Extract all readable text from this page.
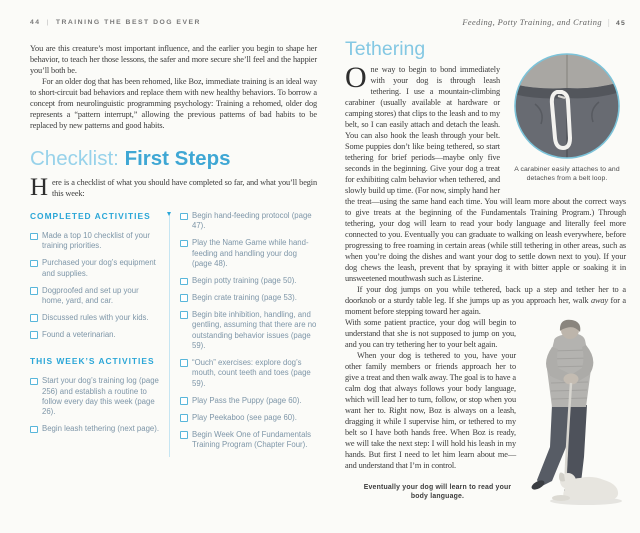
44 | TRAINING THE BEST DOG EVER

You are this creature’s most important influence, and the earlier you begin to shape her behavior, to teach her those lessons, the safer and more secure she’ll feel and the happier you’ll both be.

For an older dog that has been rehomed, like Boz, immediate training is an ideal way to short-circuit bad behaviors and replace them with new healthy behaviors. To borrow a concept from neurolinguistic programming psychology: Training a rehomed, older dog represents a “pattern interrupt,” allowing the previous patterns of bad habits to be replaced by new patterns and good habits.

Checklist: First Steps

Here is a checklist of what you should have completed so far, and what you’ll begin this week:

COMPLETED ACTIVITIES
Made a top 10 checklist of your training priorities.
Purchased your dog’s equipment and supplies.
Dogproofed and set up your home, yard, and car.
Discussed rules with your kids.
Found a veterinarian.
THIS WEEK’S ACTIVITIES
Start your dog’s training log (page 256) and establish a routine to follow every day this week (page 26).
Begin leash tethering (next page).
Begin hand-feeding protocol (page 47).
Play the Name Game while hand-feeding and handling your dog (page 48).
Begin potty training (page 50).
Begin crate training (page 53).
Begin bite inhibition, handling, and gentling, assuming that there are no outstanding behavior issues (page 59).
“Ouch” exercises: explore dog’s mouth, count teeth and toes (page 59).
Play Pass the Puppy (page 60).
Play Peekaboo (see page 60).
Begin Week One of Fundamentals Training Program (Chapter Four).
Feeding, Potty Training, and Crating | 45
Tethering
A carabiner easily attaches to and detaches from a belt loop.

One way to begin to bond immediately with your dog is through leash tethering. I use a mountain-climbing carabiner (usually available at hardware or camping stores) that clips to the leash and to my belt, so I can easily attach and detach the leash. You can also hook the leash through your belt. Some puppies don’t like being tethered, so start tethering for brief periods—maybe only five seconds in the beginning. Give your dog a treat for exhibiting calm behavior when tethered, and slowly build up time. (For now, simply hand her the treat—using the same hand each time. You will learn more about the correct ways to give treats at the beginning of the Fundamentals Training Program.) Through tethering, your dog will learn to read your body language and literally feel more connected to you. Eventually you can graduate to walking on leash everywhere, before progressing to free roaming in certain areas (while still tethering in other areas, such as when you’re doing the dishes and want your dog to settle down next to you). If your dog chews the leash, prevent that by spraying it with bitter apple or soaking it in unsweetened mouthwash such as Listerine.

If your dog jumps on you while tethered, back up a step and tether her to a doorknob or a sturdy table leg. If she jumps up as you approach her, walk away for a moment before stepping toward her again.

With some patient practice, your dog will begin to understand that she is not supposed to jump on you, and you can try tethering her to your belt again.

When your dog is tethered to you, have your other family members or friends approach her to give a treat and then walk away. The goal is to have a calm dog that always follows your body language, which will lead her to turn, follow, or stop when you want her to. Right now, Boz is always on a leash, dragging it while I supervise him, or tethered to my belt so I have both hands free. When Boz is ready, we will take the next step: I will hold his leash in my hands. But first I need to let him learn about me—and understand that I’m in control.

Eventually your dog will learn to read your body language.
